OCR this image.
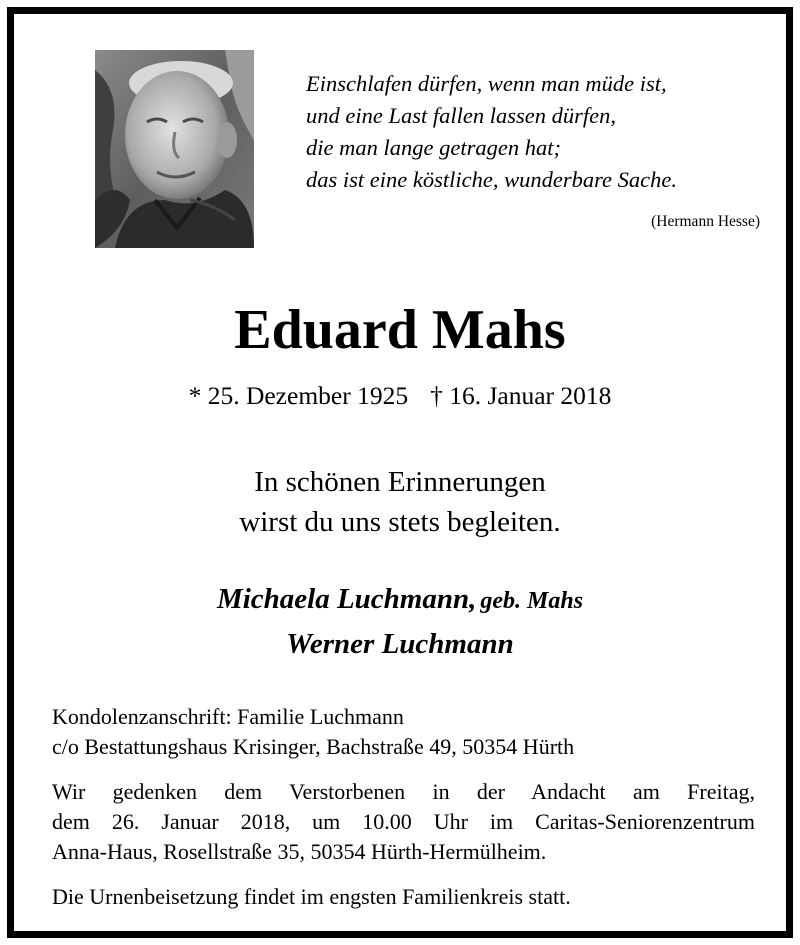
Einschlafen dürfen, wenn man müde ist,
und eine Last fallen lassen dürfen,
die man lange getragen hat;
das ist eine köstliche, wunderbare Sache.
(Hermann Hesse)
Eduard Mahs
* 25. Dezember 1925 † 16. Januar 2018
In schönen Erinnerungen
wirst du uns stets begleiten.
Michaela Luchmann, geb. Mahs
Werner Luchmann
Kondolenzanschrift: Familie Luchmann
c/o Bestattungshaus Krisinger, Bachstraße 49, 50354 Hürth
Wir gedenken dem Verstorbenen in der Andacht am Freitag,
dem 26. Januar 2018, um 10.00 Uhr im Caritas-Seniorenzentrum
Anna-Haus, Rosellstraße 35, 50354 Hürth-Hermülheim.
Die Urnenbeisetzung findet im engsten Familienkreis statt.
